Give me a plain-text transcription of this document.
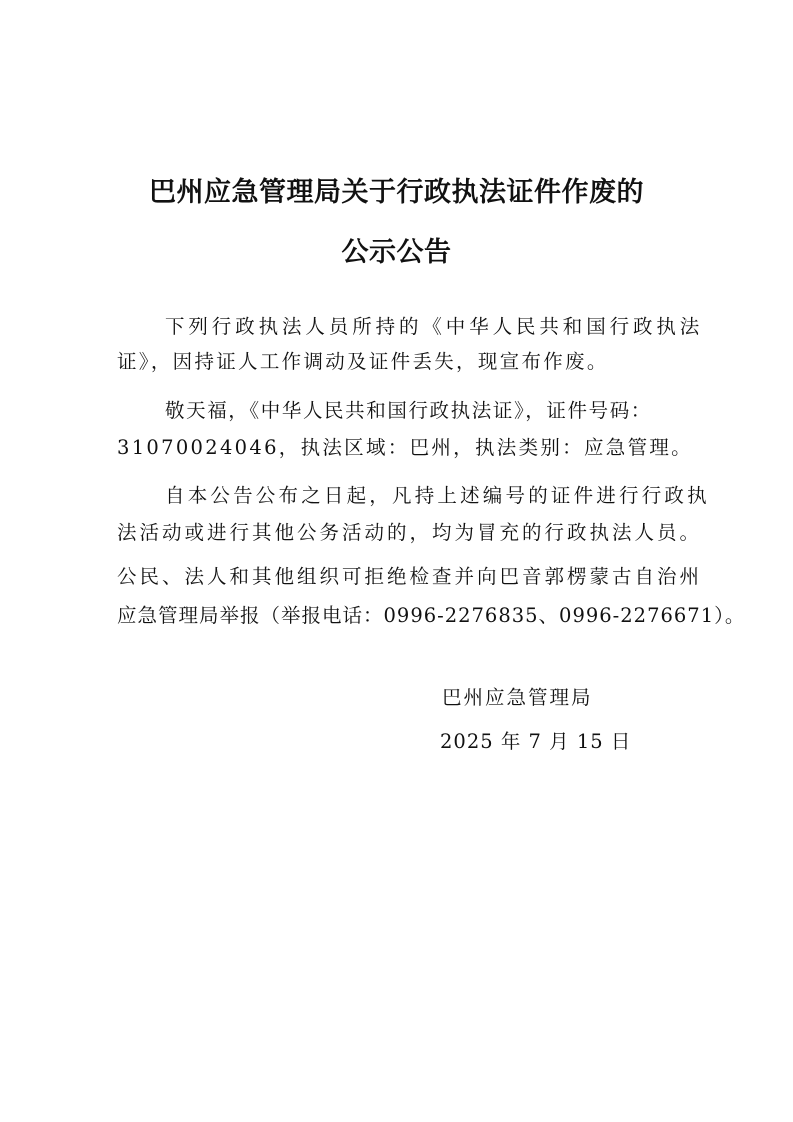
巴州应急管理局关于行政执法证件作废的
公示公告
下列行政执法人员所持的《中华人民共和国行政执法
证》，因持证人工作调动及证件丢失，现宣布作废。
敬天福，《中华人民共和国行政执法证》，证件号码：
31070024046，执法区域：巴州，执法类别：应急管理。
自本公告公布之日起，凡持上述编号的证件进行行政执
法活动或进行其他公务活动的，均为冒充的行政执法人员。
公民、法人和其他组织可拒绝检查并向巴音郭楞蒙古自治州
应急管理局举报（举报电话：0996-2276835、0996-2276671）。
巴州应急管理局
2025 年 7 月 15 日
